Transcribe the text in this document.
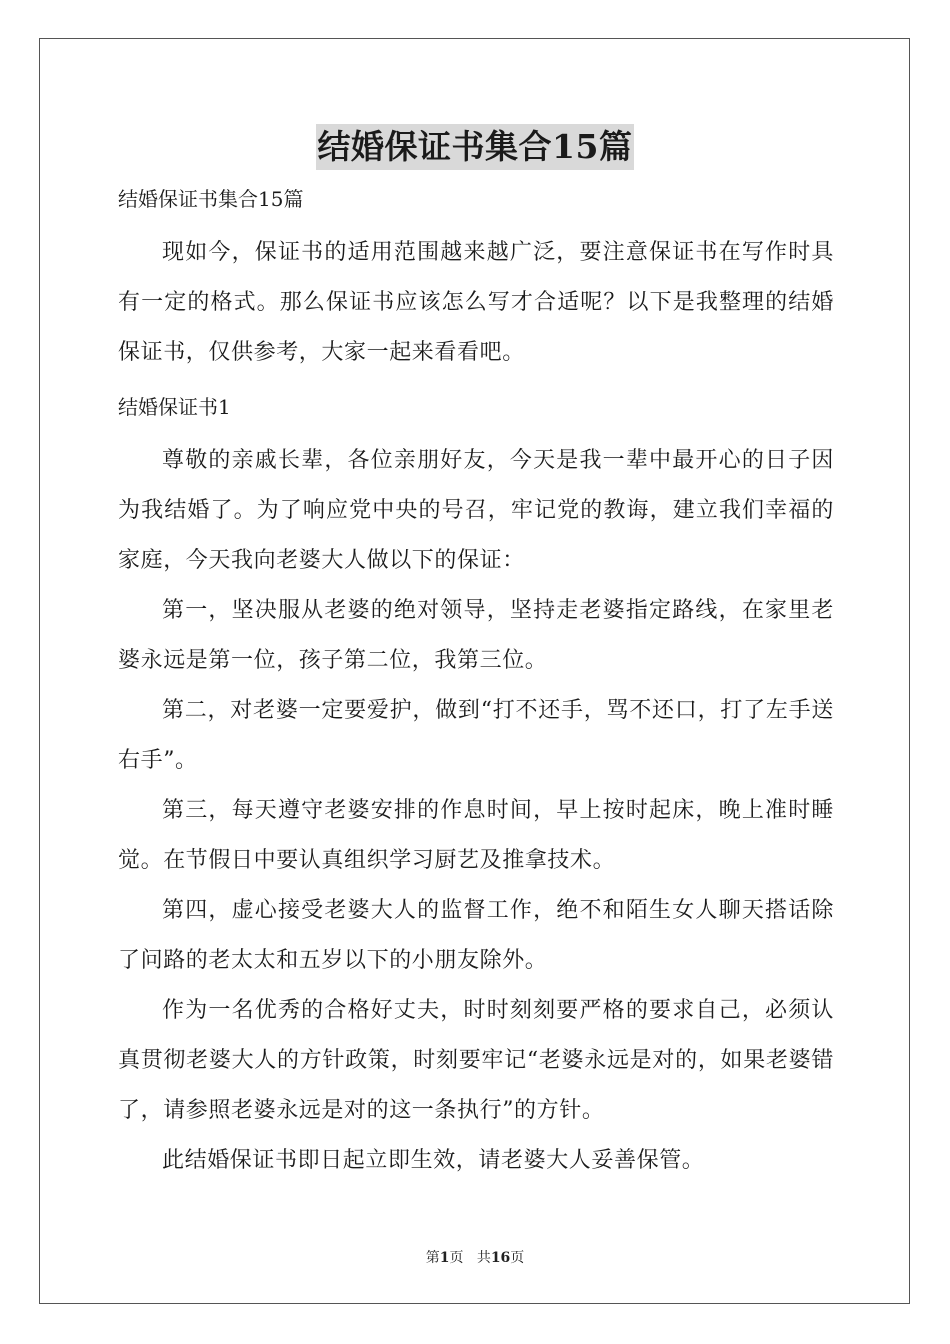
结婚保证书集合15篇

结婚保证书集合15篇

现如今，保证书的适用范围越来越广泛，要注意保证书在写作时具有一定的格式。那么保证书应该怎么写才合适呢？以下是我整理的结婚保证书，仅供参考，大家一起来看看吧。

结婚保证书1

尊敬的亲戚长辈，各位亲朋好友，今天是我一辈中最开心的日子因为我结婚了。为了响应党中央的号召，牢记党的教诲，建立我们幸福的家庭，今天我向老婆大人做以下的保证：

第一，坚决服从老婆的绝对领导，坚持走老婆指定路线，在家里老婆永远是第一位，孩子第二位，我第三位。

第二，对老婆一定要爱护，做到“打不还手，骂不还口，打了左手送右手”。

第三，每天遵守老婆安排的作息时间，早上按时起床，晚上准时睡觉。在节假日中要认真组织学习厨艺及推拿技术。

第四，虚心接受老婆大人的监督工作，绝不和陌生女人聊天搭话除了问路的老太太和五岁以下的小朋友除外。

作为一名优秀的合格好丈夫，时时刻刻要严格的要求自己，必须认真贯彻老婆大人的方针政策，时刻要牢记“老婆永远是对的，如果老婆错了，请参照老婆永远是对的这一条执行”的方针。

此结婚保证书即日起立即生效，请老婆大人妥善保管。

第1页 共16页
